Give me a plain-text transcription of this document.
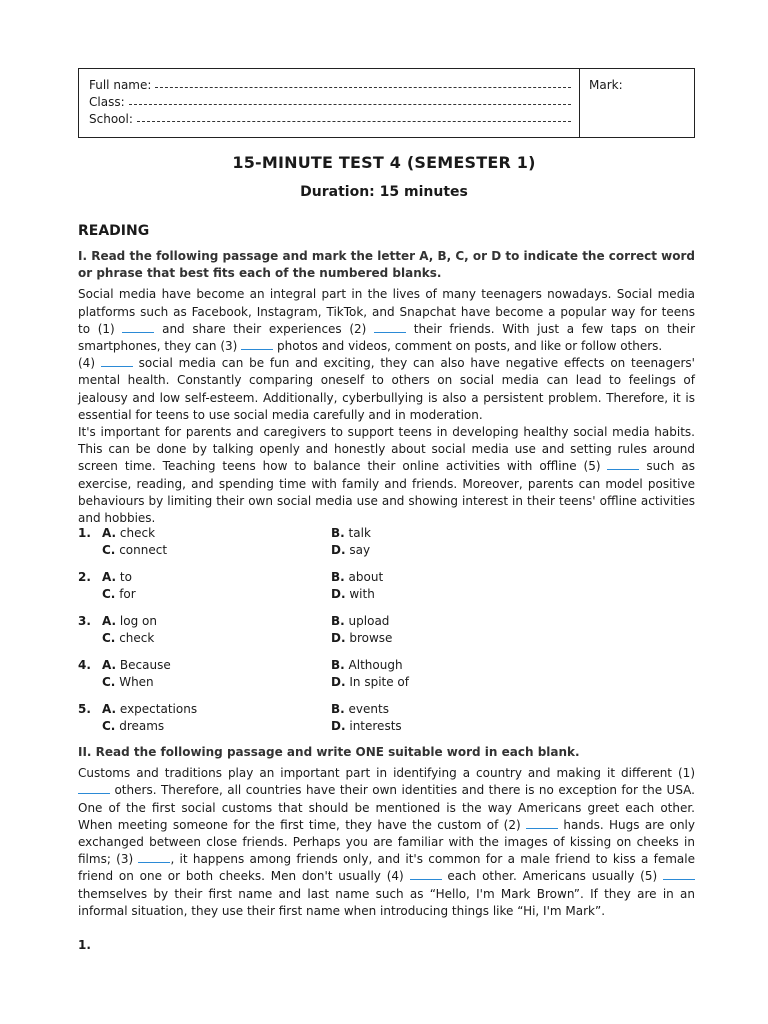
Full name:
Class:
School:
Mark:
15-MINUTE TEST 4 (SEMESTER 1)
Duration: 15 minutes
READING
I. Read the following passage and mark the letter A, B, C, or D to indicate the correct word or phrase that best fits each of the numbered blanks.
Social media have become an integral part in the lives of many teenagers nowadays. Social media platforms such as Facebook, Instagram, TikTok, and Snapchat have become a popular way for teens to (1)	and share their experiences (2)	their friends. With just a few taps on their smartphones, they can (3)	photos and videos, comment on posts, and like or follow others.
(4)	social media can be fun and exciting, they can also have negative effects on teenagers' mental health. Constantly comparing oneself to others on social media can lead to feelings of jealousy and low self-esteem. Additionally, cyberbullying is also a persistent problem. Therefore, it is essential for teens to use social media carefully and in moderation.
It's important for parents and caregivers to support teens in developing healthy social media habits. This can be done by talking openly and honestly about social media use and setting rules around screen time. Teaching teens how to balance their online activities with offline (5)	such as exercise, reading, and spending time with family and friends. Moreover, parents can model positive behaviours by limiting their own social media use and showing interest in their teens' offline activities and hobbies.
1. A. check	B. talk
C. connect	D. say
2. A. to	B. about
C. for	D. with
3. A. log on	B. upload
C. check	D. browse
4. A. Because	B. Although
C. When	D. In spite of
5. A. expectations	B. events
C. dreams	D. interests
II. Read the following passage and write ONE suitable word in each blank.
Customs and traditions play an important part in identifying a country and making it different (1)  others. Therefore, all countries have their own identities and there is no exception for the USA. One of the first social customs that should be mentioned is the way Americans greet each other. When meeting someone for the first time, they have the custom of (2)	hands. Hugs are only exchanged between close friends. Perhaps you are familiar with the images of kissing on cheeks in films; (3)	, it happens among friends only, and it's common for a male friend to kiss a female friend on one or both cheeks. Men don't usually (4)	each other. Americans usually (5)  themselves by their first name and last name such as “Hello, I'm Mark Brown”. If they are in an informal situation, they use their first name when introducing things like “Hi, I'm Mark”.
1.
